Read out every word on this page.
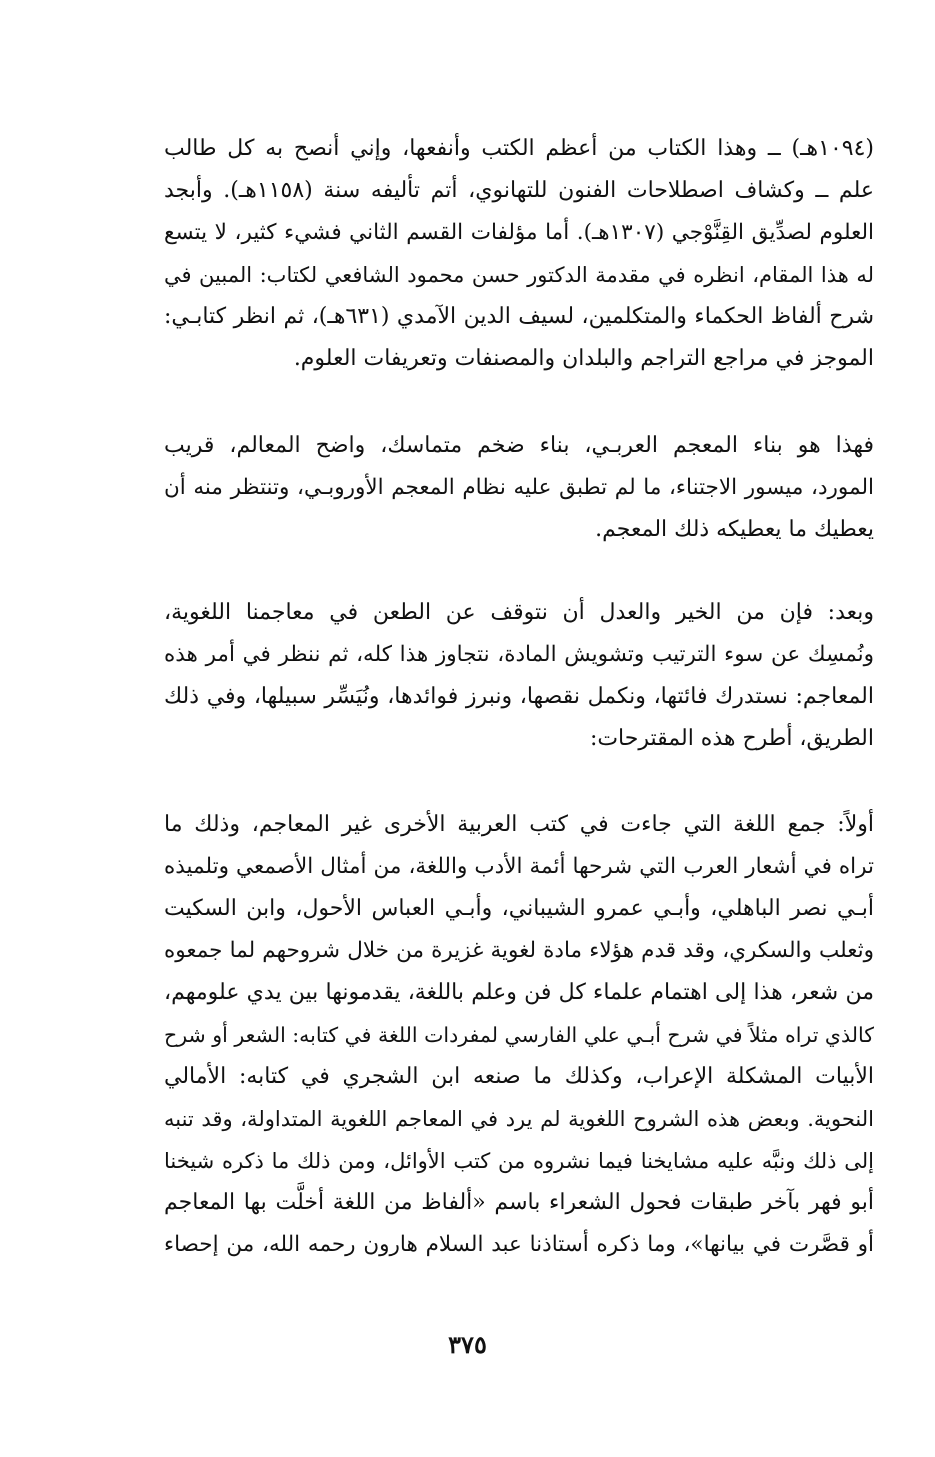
(١٠٩٤هـ) ــ وهذا الكتاب من أعظم الكتب وأنفعها، وإني أنصح به كل طالب
علم ــ وكشاف اصطلاحات الفنون للتهانوي، أتم تأليفه سنة (١١٥٨هـ). وأبجد
العلوم لصدِّيق القِنَّوْجي (١٣٠٧هـ). أما مؤلفات القسم الثاني فشيء كثير، لا يتسع
له هذا المقام، انظره في مقدمة الدكتور حسن محمود الشافعي لكتاب: المبين في
شرح ألفاظ الحكماء والمتكلمين، لسيف الدين الآمدي (٦٣١هـ)، ثم انظر كتابـي:
الموجز في مراجع التراجم والبلدان والمصنفات وتعريفات العلوم.
فهذا هو بناء المعجم العربـي، بناء ضخم متماسك، واضح المعالم، قريب
المورد، ميسور الاجتناء، ما لم تطبق عليه نظام المعجم الأوروبـي، وتنتظر منه أن
يعطيك ما يعطيكه ذلك المعجم.
وبعد: فإن من الخير والعدل أن نتوقف عن الطعن في معاجمنا اللغوية،
ونُمسِك عن سوء الترتيب وتشويش المادة، نتجاوز هذا كله، ثم ننظر في أمر هذه
المعاجم: نستدرك فائتها، ونكمل نقصها، ونبرز فوائدها، ونُيَسِّر سبيلها، وفي ذلك
الطريق، أطرح هذه المقترحات:
أولاً: جمع اللغة التي جاءت في كتب العربية الأخرى غير المعاجم، وذلك ما
تراه في أشعار العرب التي شرحها أئمة الأدب واللغة، من أمثال الأصمعي وتلميذه
أبـي نصر الباهلي، وأبـي عمرو الشيباني، وأبـي العباس الأحول، وابن السكيت
وثعلب والسكري، وقد قدم هؤلاء مادة لغوية غزيرة من خلال شروحهم لما جمعوه
من شعر، هذا إلى اهتمام علماء كل فن وعلم باللغة، يقدمونها بين يدي علومهم،
كالذي تراه مثلاً في شرح أبـي علي الفارسي لمفردات اللغة في كتابه: الشعر أو شرح
الأبيات المشكلة الإعراب، وكذلك ما صنعه ابن الشجري في كتابه: الأمالي
النحوية. وبعض هذه الشروح اللغوية لم يرد في المعاجم اللغوية المتداولة، وقد تنبه
إلى ذلك ونبَّه عليه مشايخنا فيما نشروه من كتب الأوائل، ومن ذلك ما ذكره شيخنا
أبو فهر بآخر طبقات فحول الشعراء باسم «ألفاظ من اللغة أخلَّت بها المعاجم
أو قصَّرت في بيانها»، وما ذكره أستاذنا عبد السلام هارون رحمه الله، من إحصاء
٣٧٥
